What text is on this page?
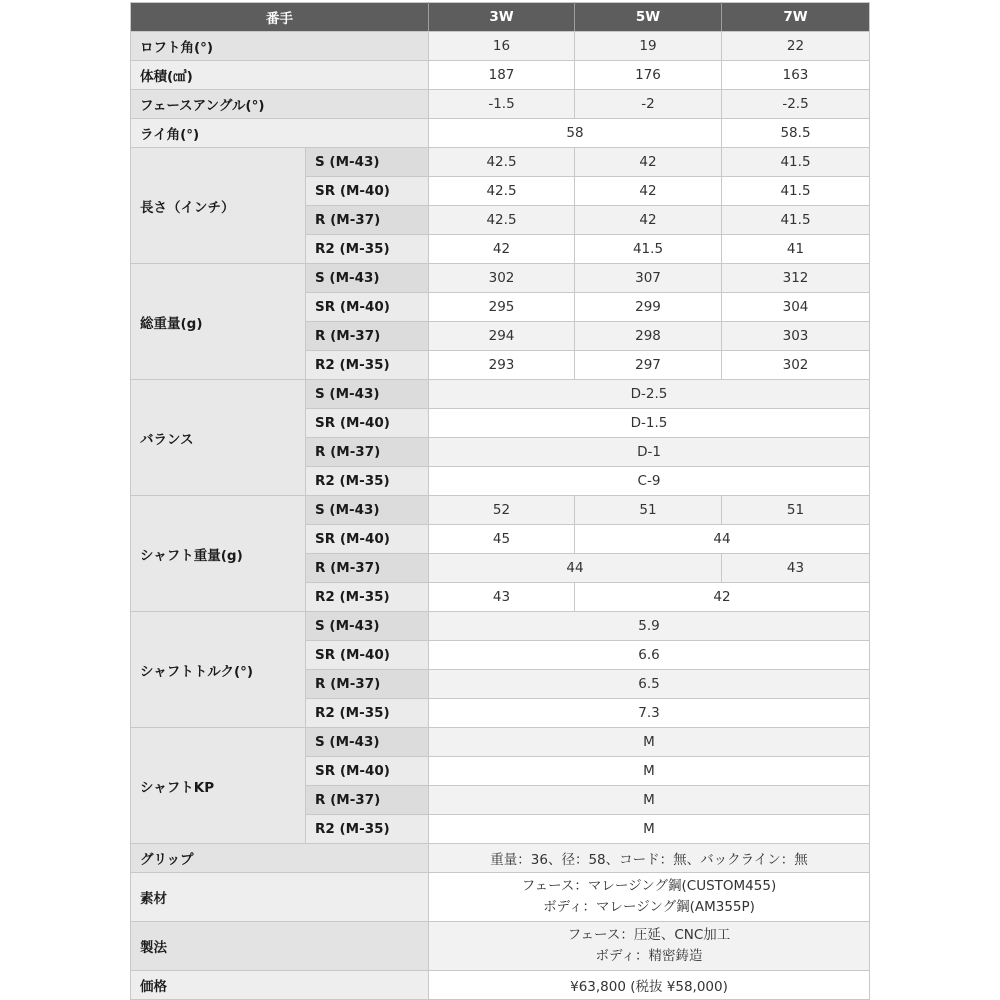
番手		3W	5W	7W
ロフト角(°)		16	19	22
体積(㎤)		187	176	163
フェースアングル(°)		-1.5	-2	-2.5
ライ角(°)		58		58.5
長さ（インチ）	S (M-43)	42.5	42	41.5
	SR (M-40)	42.5	42	41.5
	R (M-37)	42.5	42	41.5
	R2 (M-35)	42	41.5	41
総重量(g)	S (M-43)	302	307	312
	SR (M-40)	295	299	304
	R (M-37)	294	298	303
	R2 (M-35)	293	297	302
バランス	S (M-43)	D-2.5		
	SR (M-40)	D-1.5		
	R (M-37)	D-1		
	R2 (M-35)	C-9		
シャフト重量(g)	S (M-43)	52	51	51
	SR (M-40)	45	44	
	R (M-37)	44		43
	R2 (M-35)	43	42	
シャフトトルク(°)	S (M-43)	5.9		
	SR (M-40)	6.6		
	R (M-37)	6.5		
	R2 (M-35)	7.3		
シャフトKP	S (M-43)	M		
	SR (M-40)	M		
	R (M-37)	M		
	R2 (M-35)	M		
グリップ		重量：36、径：58、コード：無、バックライン：無		
素材		フェース：マレージング鋼(CUSTOM455)
ボディ：マレージング鋼(AM355P)		

製法		フェース：圧延、CNC加工
ボディ：精密鋳造		

価格		¥63,800 (税抜 ¥58,000)		
